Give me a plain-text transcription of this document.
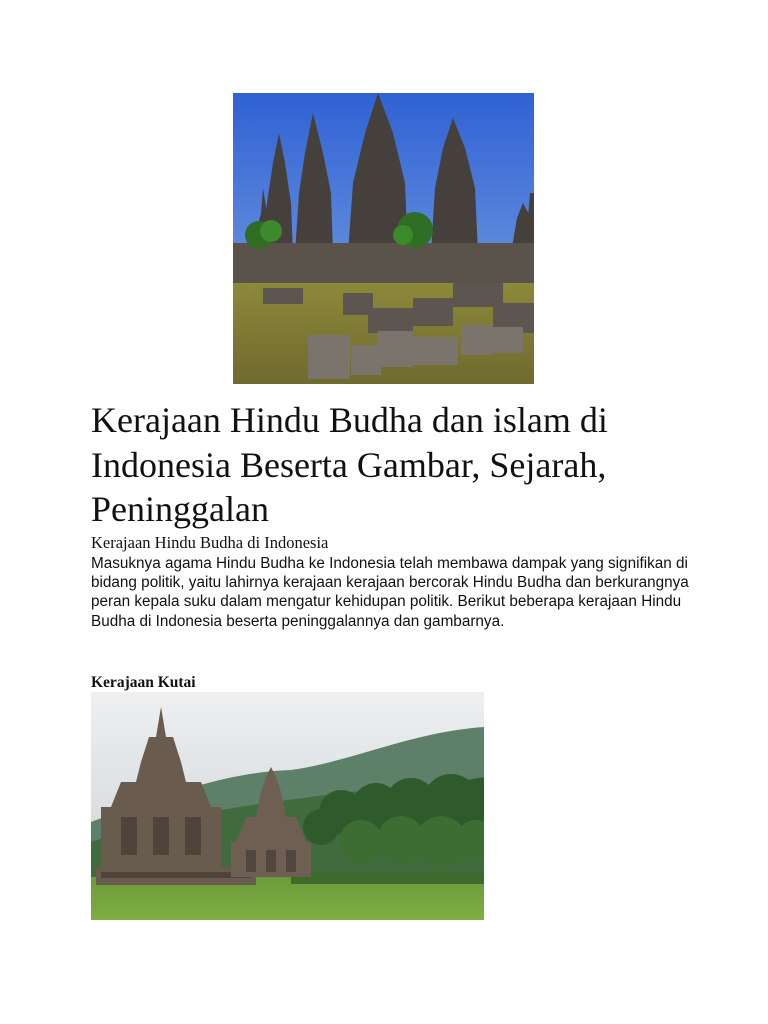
Kerajaan Hindu Budha dan islam di Indonesia Beserta Gambar, Sejarah, Peninggalan

Kerajaan Hindu Budha di Indonesia

Masuknya agama Hindu Budha ke Indonesia telah membawa dampak yang signifikan di bidang politik, yaitu lahirnya kerajaan kerajaan bercorak Hindu Budha dan berkurangnya peran kepala suku dalam mengatur kehidupan politik. Berikut beberapa kerajaan Hindu Budha di Indonesia beserta peninggalannya dan gambarnya.

Kerajaan Kutai
